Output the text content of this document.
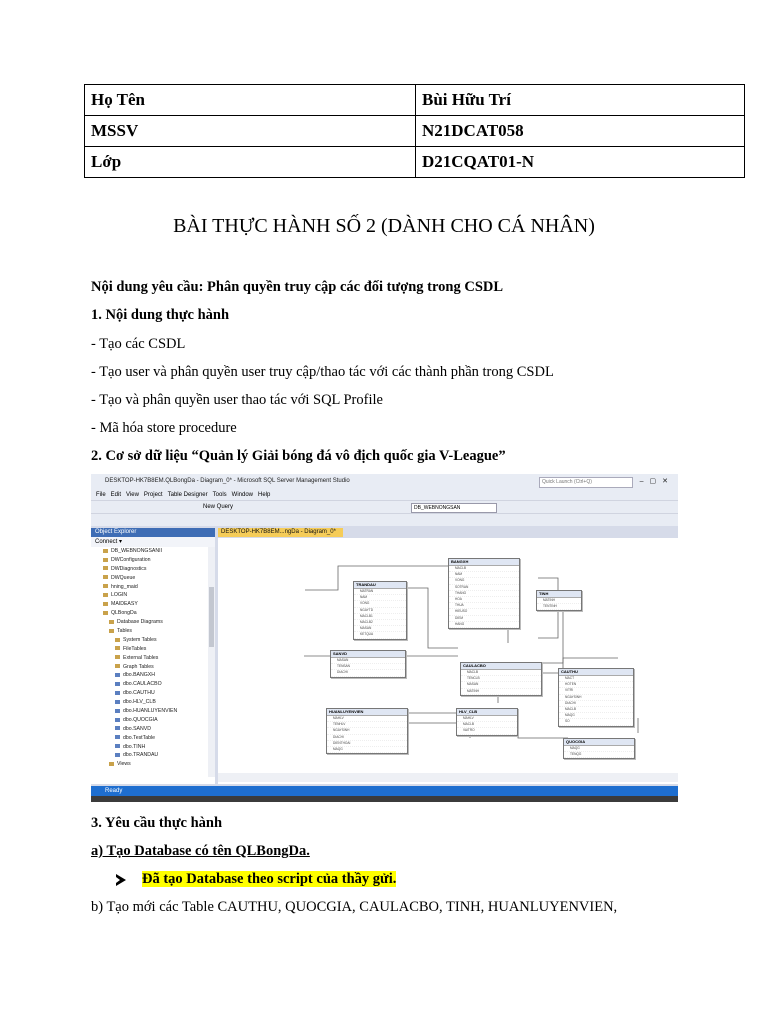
Họ Tên	Bùi Hữu Trí
MSSV	N21DCAT058
Lớp	D21CQAT01-N
BÀI THỰC HÀNH SỐ 2 (DÀNH CHO CÁ NHÂN)
Nội dung yêu cầu: Phân quyền truy cập các đối tượng trong CSDL
1. Nội dung thực hành
- Tạo các CSDL
- Tạo user và phân quyền user truy cập/thao tác với các thành phần trong CSDL
- Tạo và phân quyền user thao tác với SQL Profile
- Mã hóa store procedure
2. Cơ sở dữ liệu “Quản lý Giải bóng đá vô địch quốc gia V-League”
DESKTOP-HK7B8EM.QLBongDa - Diagram_0* - Microsoft SQL Server Management Studio	Quick Launch (Ctrl+Q)	–▢✕
File Edit View Project Table Designer Tools Window Help
New Query	DB_WEBNONGSAN
Object Explorer
Connect ▾
DB_WEBNONGSANII
DWConfiguration
DWDiagnostics
DWQueue
hning_maid
LOGIN
MAIDEASY
QLBongDa
Database Diagrams
Tables
System Tables
FileTables
External Tables
Graph Tables
dbo.BANGXH
dbo.CAULACBO
dbo.CAUTHU
dbo.HLV_CLB
dbo.HUANLUYENVIEN
dbo.QUOCGIA
dbo.SANVD
dbo.TestTable
dbo.TINH
dbo.TRANDAU
Views
DESKTOP-HK7B8EM...ngDa - Diagram_0*
BANGXH
MACLB
NAM
VONG
SOTRAN
THANG
HOA
THUA
HIEUSO
DIEM
HANG
TRANDAU
MATRAN
NAM
VONG
NGAYTD
MACLB1
MACLB2
MASAN
KETQUA
TINH
MATINH
TENTINH
SANVD
MASAN
TENSAN
DIACHI
CAULACBO
MACLB
TENCLB
MASAN
MATINH
CAUTHU
MACT
HOTEN
VITRI
NGAYSINH
DIACHI
MACLB
MAQG
SO
HUANLUYENVIEN
MAHLV
TENHLV
NGAYSINH
DIACHI
DIENTHOAI
MAQG
HLV_CLB
MAHLV
MACLB
VAITRO
QUOCGIA
MAQG
TENQG
Ready
3. Yêu cầu thực hành
a) Tạo Database có tên QLBongDa.
Đã tạo Database theo script của thầy gửi.
b) Tạo mới các Table CAUTHU, QUOCGIA, CAULACBO, TINH, HUANLUYENVIEN,
